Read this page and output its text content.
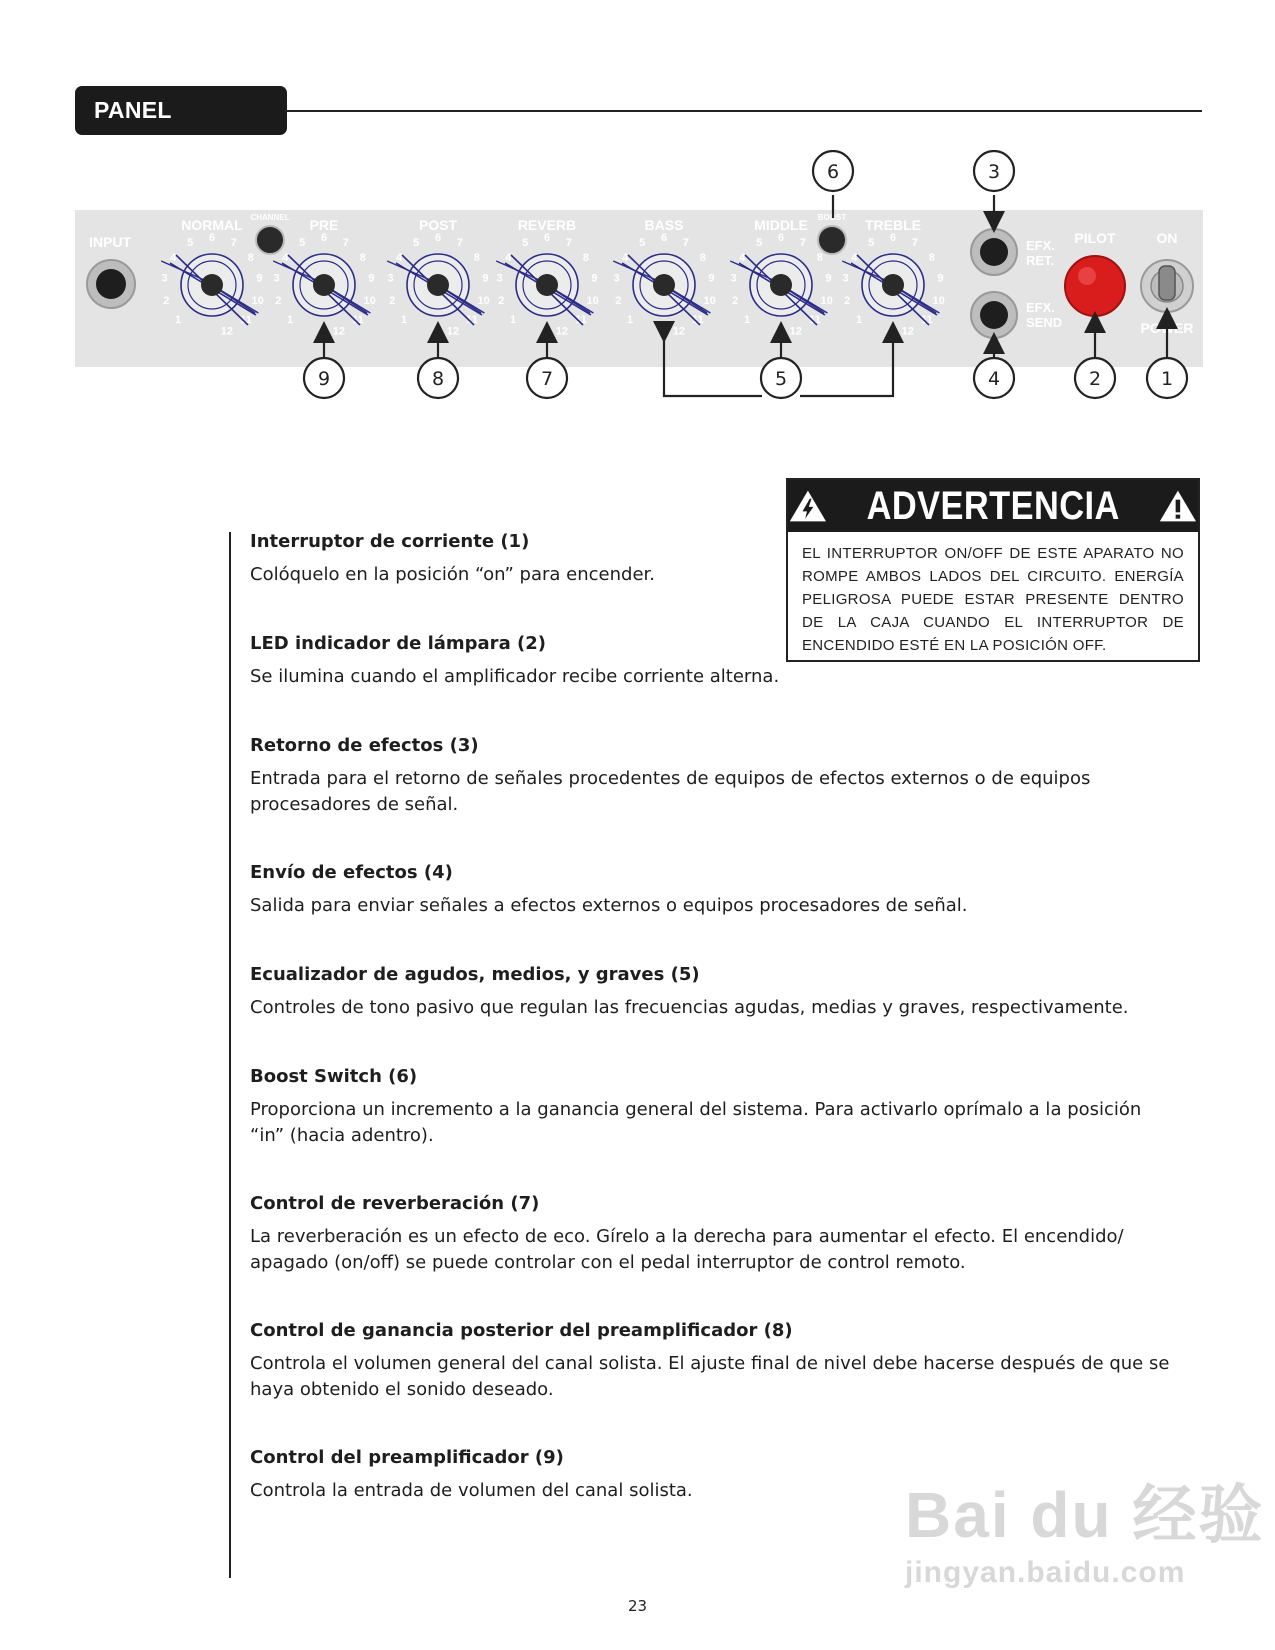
PANEL FRONTAL
INPUT
CHANNEL	BOOST
NORMAL
1
2
3
4
5 6 7
8
9
10
11
12
PRE
1
2
3
4
5 6 7
8
9
10
11
12
POST
1
2
3
4
5 6 7
8
9
10
11
12
REVERB
1
2
3
4
5 6 7
8
9
10
11
12
BASS
1
2
3
4
5 6 7
8
9
10
11
12
MIDDLE
1
2
3
4
5 6 7
8
9
10
11
12
TREBLE
1
2
3
4
5 6 7
8
9
10
11
12
EFX.
RET.
EFX.
SEND
PILOT	ON
POWER
1
2
3
4
5
6
7
8
9
ADVERTENCIA
EL INTERRUPTOR ON/OFF DE ESTE APARATO NO ROMPE AMBOS LADOS DEL CIRCUITO. ENERGÍA PELIGROSA PUEDE ESTAR PRESENTE DENTRO DE LA CAJA CUANDO EL INTERRUPTOR DE ENCENDIDO ESTÉ EN LA POSICIÓN OFF.
Interruptor de corriente (1)
Colóquelo en la posición “on” para encender.
LED indicador de lámpara (2)
Se ilumina cuando el amplificador recibe corriente alterna.
Retorno de efectos (3)
Entrada para el retorno de señales procedentes de equipos de efectos externos o de equipos procesadores de señal.
Envío de efectos (4)
Salida para enviar señales a efectos externos o equipos procesadores de señal.
Ecualizador de agudos, medios, y graves (5)
Controles de tono pasivo que regulan las frecuencias agudas, medias y graves, respectivamente.
Boost Switch (6)
Proporciona un incremento a la ganancia general del sistema. Para activarlo oprímalo a la posición “in” (hacia adentro).
Control de reverberación (7)
La reverberación es un efecto de eco. Gírelo a la derecha para aumentar el efecto. El encendido/ apagado (on/off) se puede controlar con el pedal interruptor de control remoto.
Control de ganancia posterior del preamplificador (8)
Controla el volumen general del canal solista. El ajuste final de nivel debe hacerse después de que se haya obtenido el sonido deseado.
Control del preamplificador (9)
Controla la entrada de volumen del canal solista.
23
Bai du 经验
jingyan.baidu.com
